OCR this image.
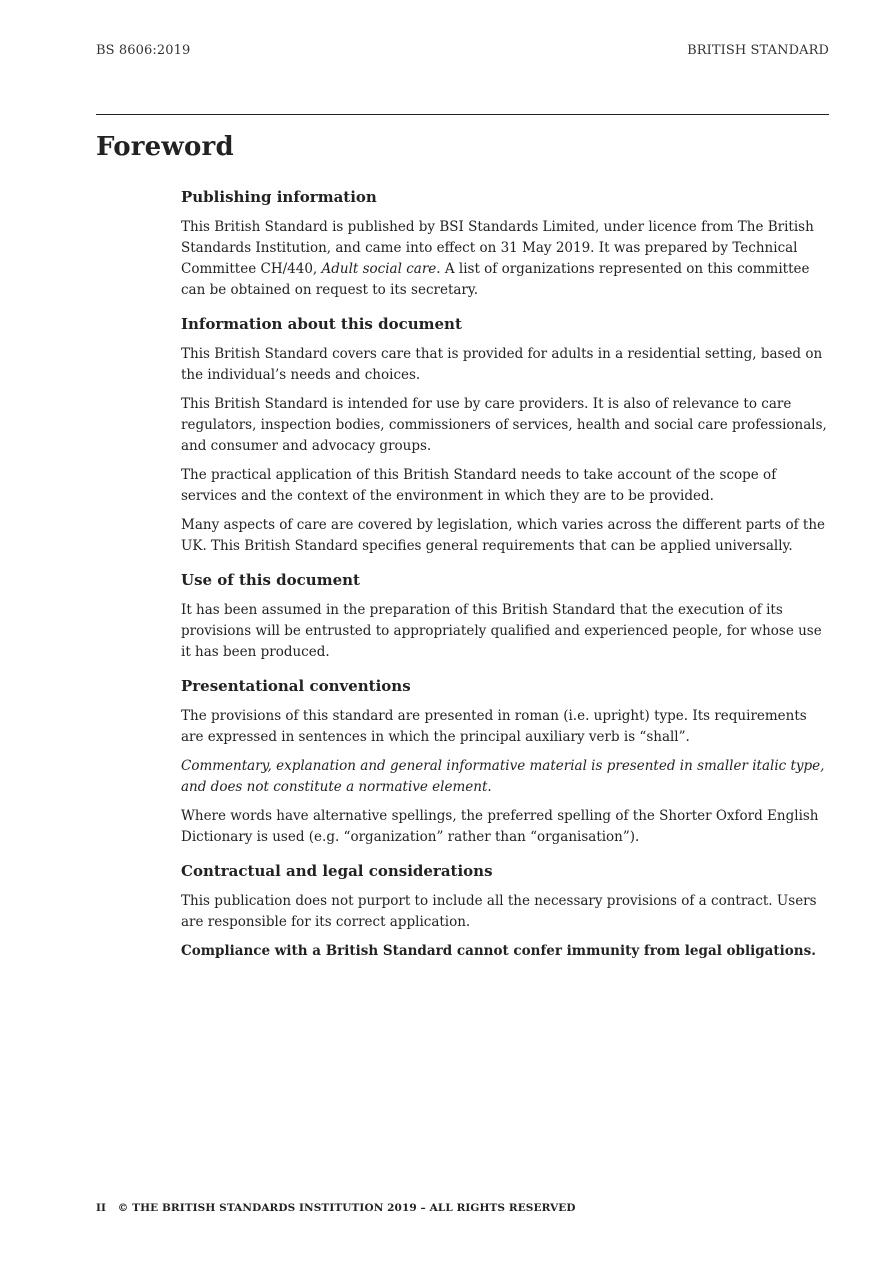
BS 8606:2019	BRITISH STANDARD
Foreword
Publishing information

This British Standard is published by BSI Standards Limited, under licence from The British Standards Institution, and came into effect on 31 May 2019. It was prepared by Technical Committee CH/440, Adult social care. A list of organizations represented on this committee can be obtained on request to its secretary.

Information about this document

This British Standard covers care that is provided for adults in a residential setting, based on the individual’s needs and choices.

This British Standard is intended for use by care providers. It is also of relevance to care regulators, inspection bodies, commissioners of services, health and social care professionals, and consumer and advocacy groups.

The practical application of this British Standard needs to take account of the scope of services and the context of the environment in which they are to be provided.

Many aspects of care are covered by legislation, which varies across the different parts of the UK. This British Standard specifies general requirements that can be applied universally.

Use of this document

It has been assumed in the preparation of this British Standard that the execution of its provisions will be entrusted to appropriately qualified and experienced people, for whose use it has been produced.

Presentational conventions

The provisions of this standard are presented in roman (i.e. upright) type. Its requirements are expressed in sentences in which the principal auxiliary verb is “shall”.

Commentary, explanation and general informative material is presented in smaller italic type, and does not constitute a normative element.

Where words have alternative spellings, the preferred spelling of the Shorter Oxford English Dictionary is used (e.g. “organization” rather than “organisation”).

Contractual and legal considerations

This publication does not purport to include all the necessary provisions of a contract. Users are responsible for its correct application.

Compliance with a British Standard cannot confer immunity from legal obligations.

II © THE BRITISH STANDARDS INSTITUTION 2019 – ALL RIGHTS RESERVED
